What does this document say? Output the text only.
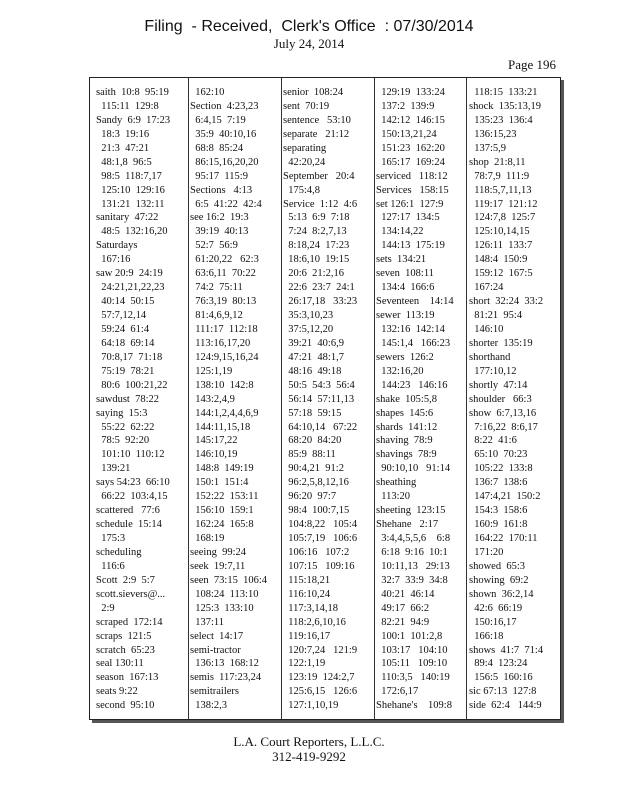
Filing  - Received,  Clerk's Office  : 07/30/2014
July 24, 2014
Page 196
saith  10:8  95:19
115:11  129:8
Sandy  6:9  17:23
18:3  19:16
21:3  47:21
48:1,8  96:5
98:5  118:7,17
125:10  129:16
131:21  132:11
sanitary  47:22
48:5  132:16,20
Saturdays
167:16
saw 20:9  24:19
24:21,21,22,23
40:14  50:15
57:7,12,14
59:24  61:4
64:18  69:14
70:8,17  71:18
75:19  78:21
80:6  100:21,22
sawdust  78:22
saying  15:3
55:22  62:22
78:5  92:20
101:10  110:12
139:21
says 54:23  66:10
66:22  103:4,15
scattered   77:6
schedule  15:14
175:3
scheduling
116:6
Scott  2:9  5:7
scott.sievers@...
2:9
scraped  172:14
scraps  121:5
scratch  65:23
seal 130:11
season  167:13
seats 9:22
second  95:10
162:10
Section  4:23,23
6:4,15  7:19
35:9  40:10,16
68:8  85:24
86:15,16,20,20
95:17  115:9
Sections   4:13
6:5  41:22  42:4
see 16:2  19:3
39:19  40:13
52:7  56:9
61:20,22   62:3
63:6,11  70:22
74:2  75:11
76:3,19  80:13
81:4,6,9,12
111:17  112:18
113:16,17,20
124:9,15,16,24
125:1,19
138:10  142:8
143:2,4,9
144:1,2,4,4,6,9
144:11,15,18
145:17,22
146:10,19
148:8  149:19
150:1  151:4
152:22  153:11
156:10  159:1
162:24  165:8
168:19
seeing  99:24
seek  19:7,11
seen  73:15  106:4
108:24  113:10
125:3  133:10
137:11
select  14:17
semi-tractor
136:13  168:12
semis  117:23,24
semitrailers
138:2,3
senior  108:24
sent  70:19
sentence   53:10
separate   21:12
separating
42:20,24
September   20:4
175:4,8
Service  1:12  4:6
5:13  6:9  7:18
7:24  8:2,7,13
8:18,24  17:23
18:6,10  19:15
20:6  21:2,16
22:6  23:7  24:1
26:17,18   33:23
35:3,10,23
37:5,12,20
39:21  40:6,9
47:21  48:1,7
48:16  49:18
50:5  54:3  56:4
56:14  57:11,13
57:18  59:15
64:10,14   67:22
68:20  84:20
85:9  88:11
90:4,21  91:2
96:2,5,8,12,16
96:20  97:7
98:4  100:7,15
104:8,22   105:4
105:7,19   106:6
106:16   107:2
107:15   109:16
115:18,21
116:10,24
117:3,14,18
118:2,6,10,16
119:16,17
120:7,24   121:9
122:1,19
123:19  124:2,7
125:6,15   126:6
127:1,10,19
129:19  133:24
137:2  139:9
142:12  146:15
150:13,21,24
151:23  162:20
165:17  169:24
serviced   118:12
Services   158:15
set 126:1  127:9
127:17  134:5
134:14,22
144:13  175:19
sets  134:21
seven  108:11
134:4  166:6
Seventeen    14:14
sewer  113:19
132:16  142:14
145:1,4   166:23
sewers  126:2
132:16,20
144:23   146:16
shake  105:5,8
shapes  145:6
shards  141:12
shaving  78:9
shavings  78:9
90:10,10   91:14
sheathing
113:20
sheeting  123:15
Shehane   2:17
3:4,4,5,5,6    6:8
6:18  9:16  10:1
10:11,13   29:13
32:7  33:9  34:8
40:21  46:14
49:17  66:2
82:21  94:9
100:1  101:2,8
103:17   104:10
105:11   109:10
110:3,5   140:19
172:6,17
Shehane's    109:8
118:15  133:21
shock  135:13,19
135:23  136:4
136:15,23
137:5,9
shop  21:8,11
78:7,9  111:9
118:5,7,11,13
119:17  121:12
124:7,8  125:7
125:10,14,15
126:11  133:7
148:4  150:9
159:12  167:5
167:24
short  32:24  33:2
81:21  95:4
146:10
shorter  135:19
shorthand
177:10,12
shortly  47:14
shoulder   66:3
show  6:7,13,16
7:16,22  8:6,17
8:22  41:6
65:10  70:23
105:22  133:8
136:7  138:6
147:4,21  150:2
154:3  158:6
160:9  161:8
164:22  170:11
171:20
showed  65:3
showing  69:2
shown  36:2,14
42:6  66:19
150:16,17
166:18
shows  41:7  71:4
89:4  123:24
156:5  160:16
sic 67:13  127:8
side  62:4   144:9
L.A. Court Reporters, L.L.C.
312-419-9292
